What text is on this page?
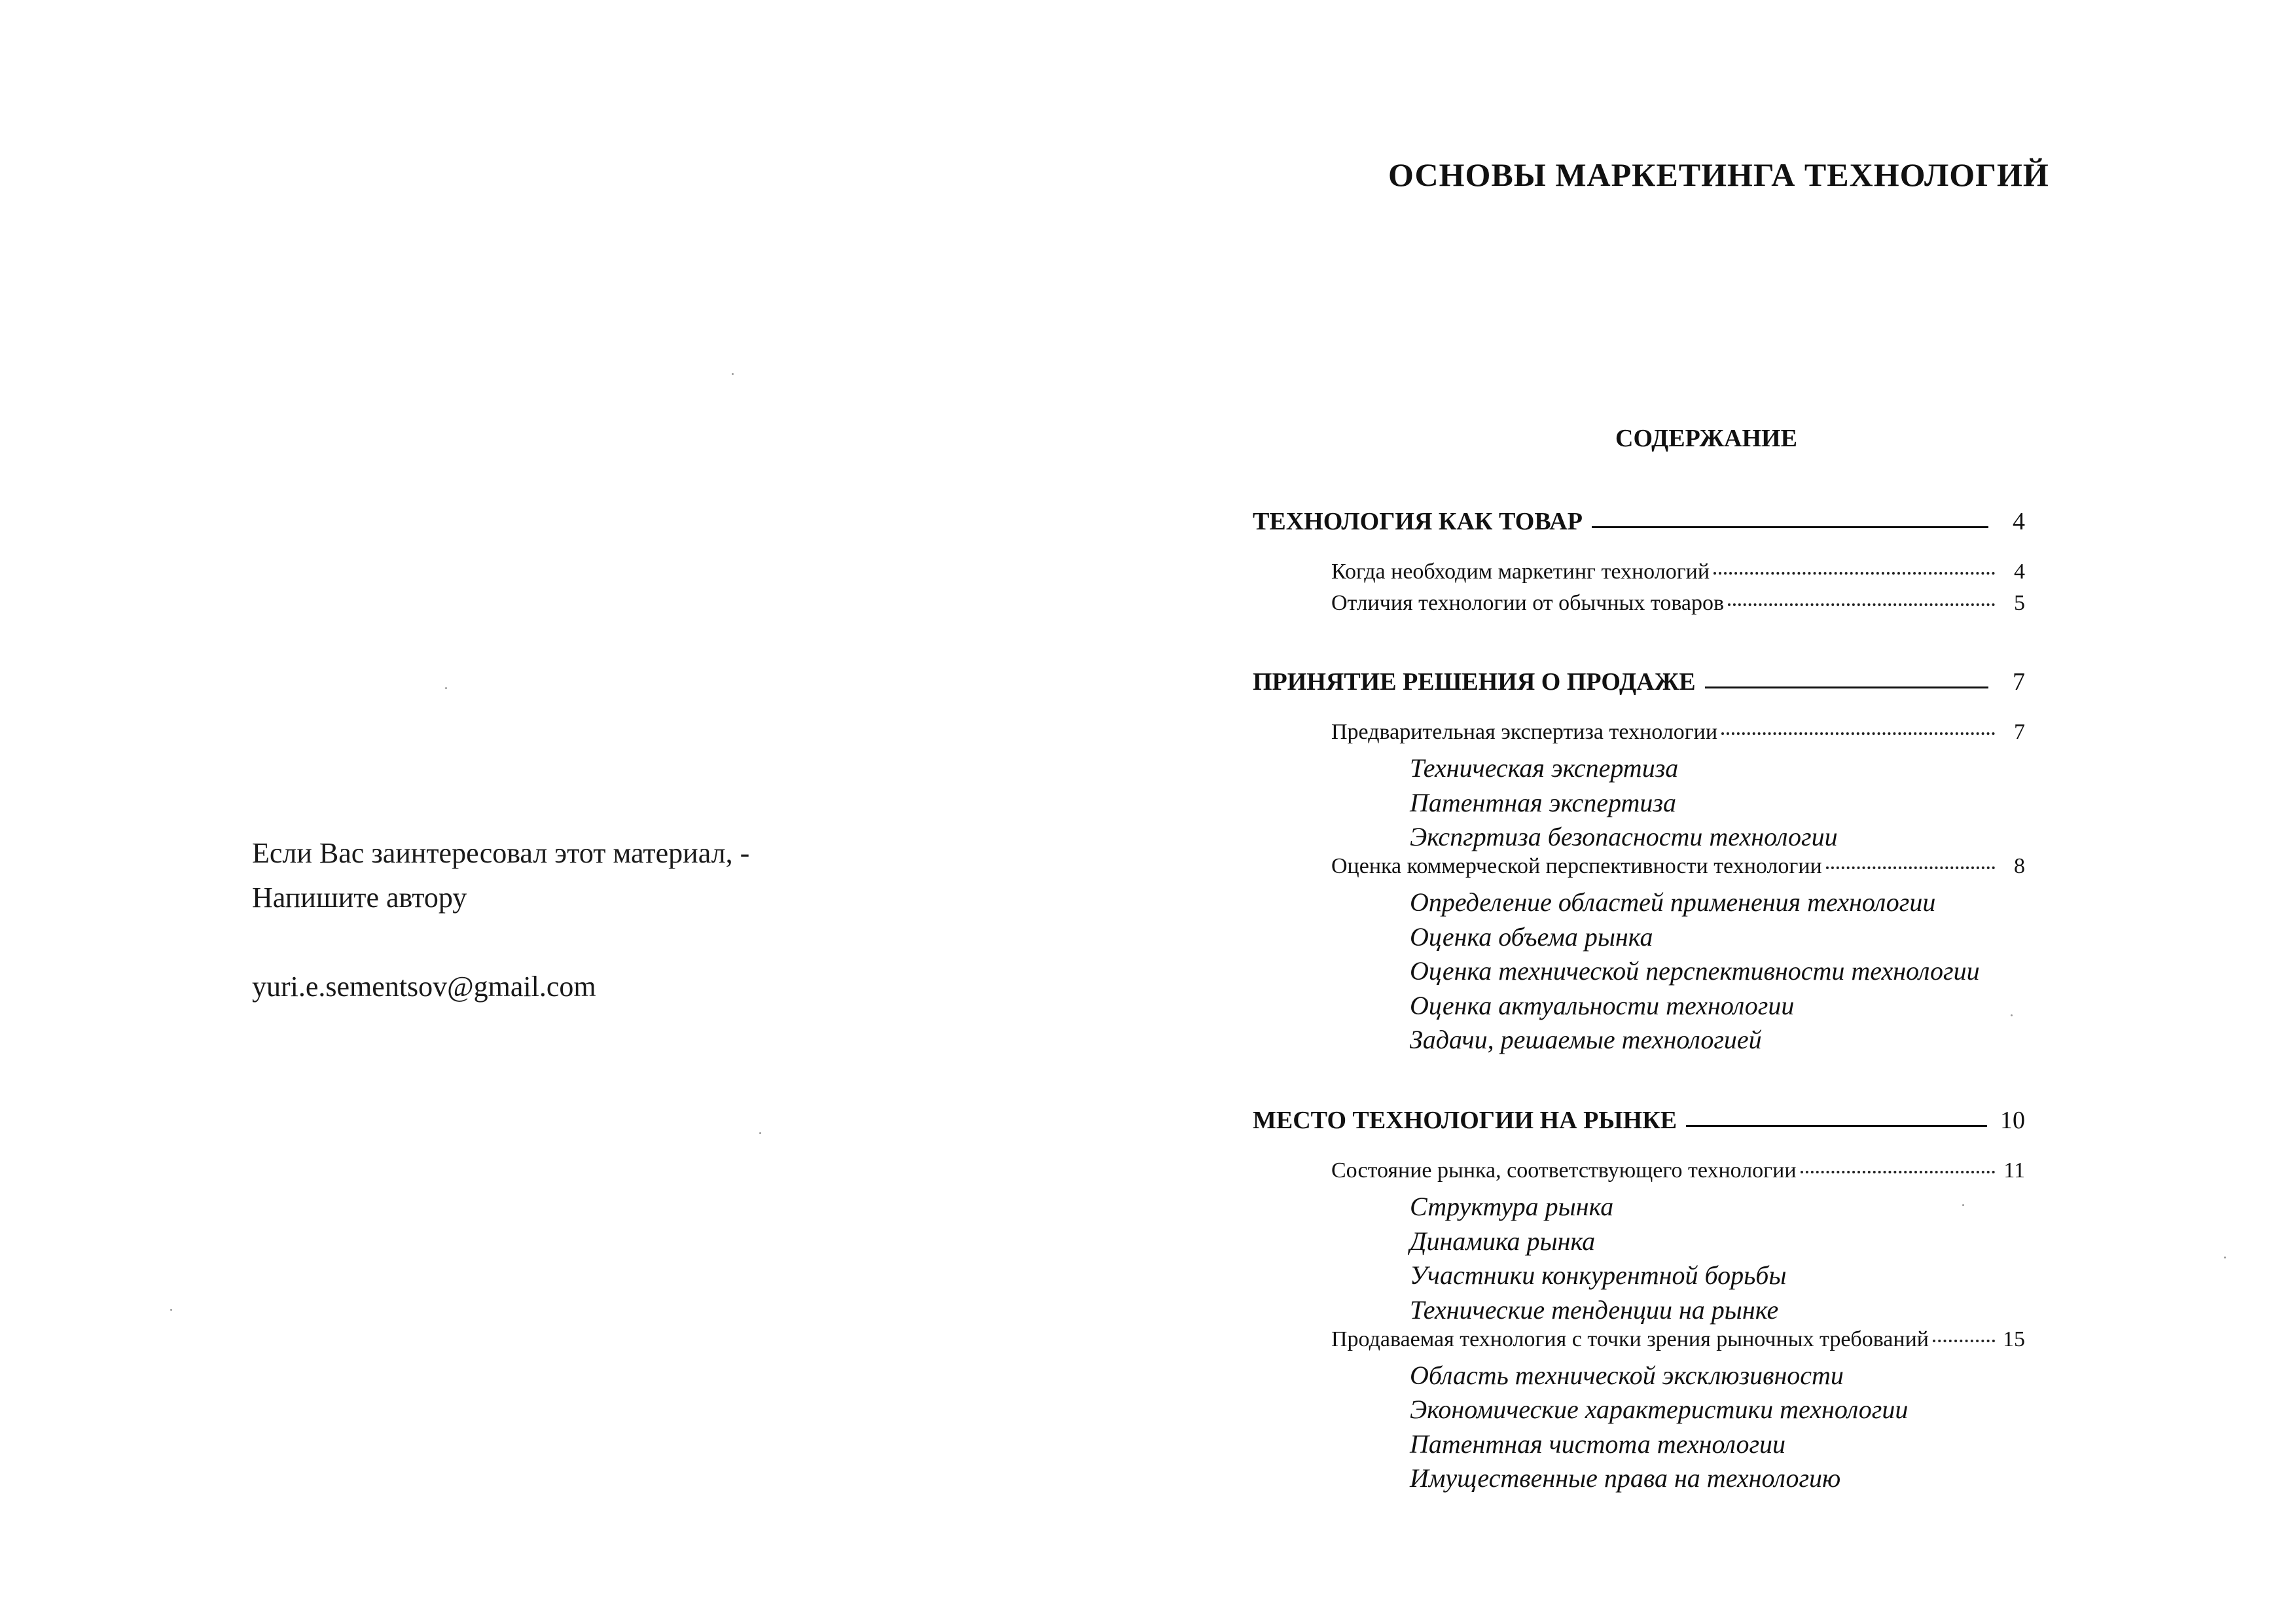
Если Вас заинтересовал этот материал, -
Напишите автору
yuri.e.sementsov@gmail.com
ОСНОВЫ МАРКЕТИНГА ТЕХНОЛОГИЙ
СОДЕРЖАНИЕ
ТЕХНОЛОГИЯ КАК ТОВАР	4
Когда необходим маркетинг технологий	4
Отличия технологии от обычных товаров	5
ПРИНЯТИЕ РЕШЕНИЯ О ПРОДАЖЕ	7
Предварительная экспертиза технологии	7
Техническая экспертиза
Патентная экспертиза
Экспгртиза безопасности технологии
Оценка коммерческой перспективности технологии	8
Определение областей применения технологии
Оценка объема рынка
Оценка технической перспективности технологии
Оценка актуальности технологии
Задачи, решаемые технологией
МЕСТО ТЕХНОЛОГИИ НА РЫНКЕ	10
Состояние рынка, соответствующего технологии	11
Структура рынка
Динамика рынка
Участники конкурентной борьбы
Технические тенденции на рынке
Продаваемая технология с точки зрения рыночных требований	15
Область технической эксклюзивности
Экономические характеристики технологии
Патентная чистота технологии
Имущественные права на технологию
